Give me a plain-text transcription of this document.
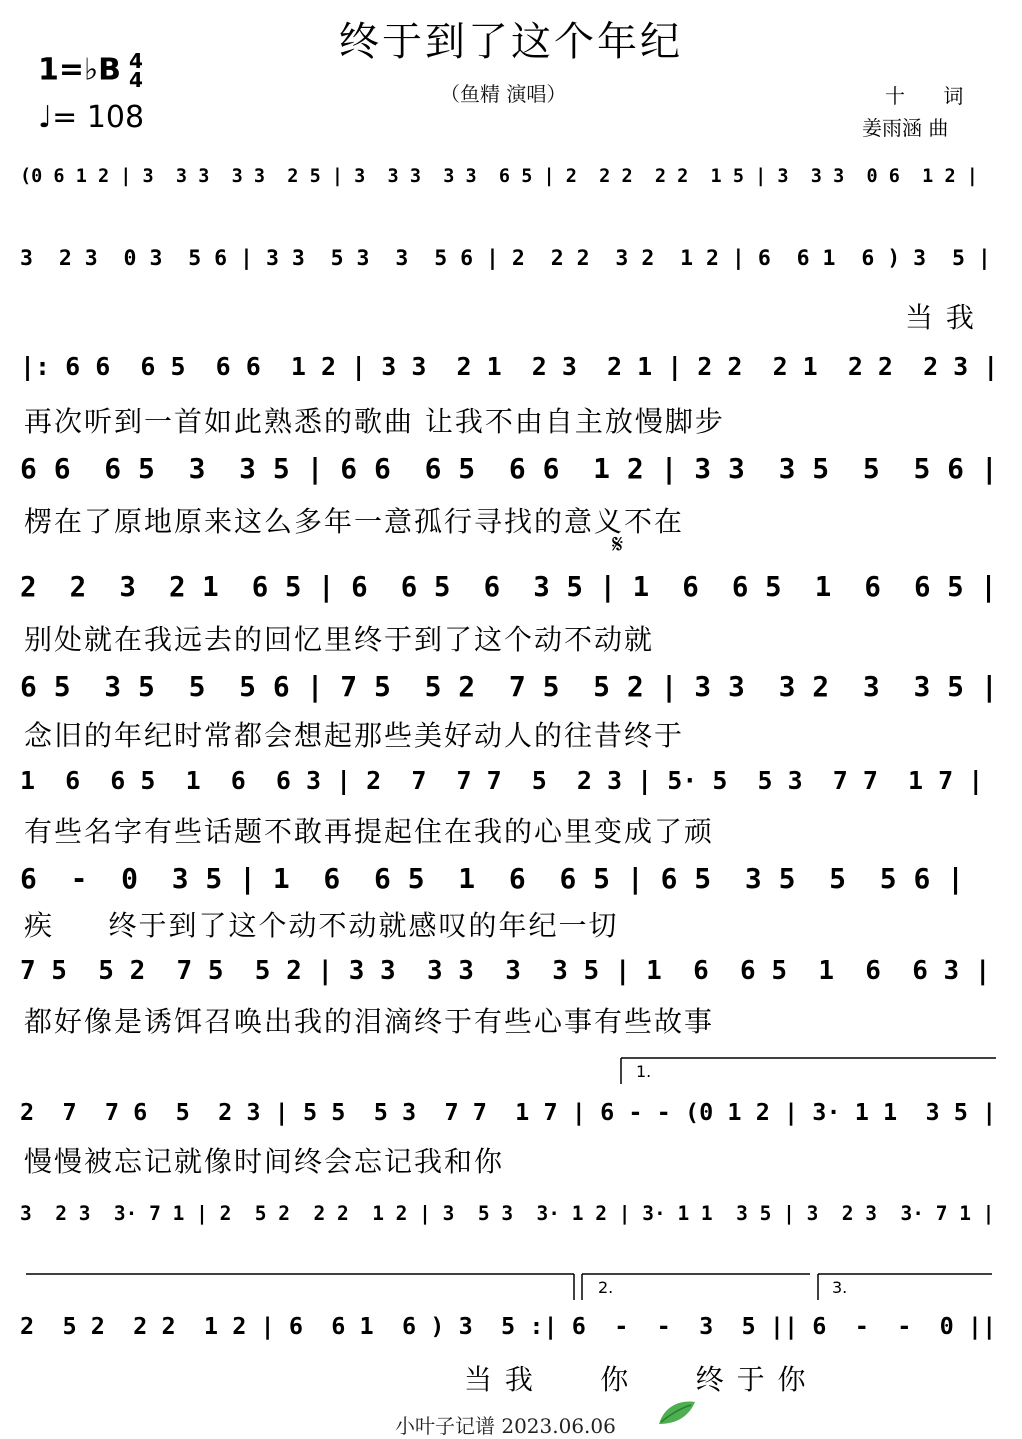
终于到了这个年纪
1=♭B 4
4
♩= 108
（鱼精 演唱）	十 词
姜雨涵 曲
(0 6 1 2 | 3  3 3  3 3  2 5 | 3  3 3  3 3  6 5 | 2  2 2  2 2  1 5 | 3  3 3  0 6  1 2 |
3  2 3  0 3  5 6 | 3 3  5 3  3  5 6 | 2  2 2  3 2  1 2 | 6  6 1  6 ) 3  5 |
当 我
|: 6 6  6 5  6 6  1 2 | 3 3  2 1  2 3  2 1 | 2 2  2 1  2 2  2 3 |
再次听到一首如此熟悉的歌曲 让我不由自主放慢脚步
6 6  6 5  3  3 5 | 6 6  6 5  6 6  1 2 | 3 3  3 5  5  5 6 |
楞在了原地原来这么多年一意孤行寻找的意义不在
𝄋
2  2  3  2 1  6 5 | 6  6 5  6  3 5 | 1  6  6 5  1  6  6 5 |
别处就在我远去的回忆里终于到了这个动不动就
6 5  3 5  5  5 6 | 7 5  5 2  7 5  5 2 | 3 3  3 2  3  3 5 |
念旧的年纪时常都会想起那些美好动人的往昔终于
1  6  6 5  1  6  6 3 | 2  7  7 7  5  2 3 | 5· 5  5 3  7 7  1 7 |
有些名字有些话题不敢再提起住在我的心里变成了顽
6  -  0  3 5 | 1  6  6 5  1  6  6 5 | 6 5  3 5  5  5 6 |
疾     终于到了这个动不动就感叹的年纪一切
7 5  5 2  7 5  5 2 | 3 3  3 3  3  3 5 | 1  6  6 5  1  6  6 3 |
都好像是诱饵召唤出我的泪滴终于有些心事有些故事
1.
2  7  7 6  5  2 3 | 5 5  5 3  7 7  1 7 | 6 - - (0 1 2 | 3· 1 1  3 5 |
慢慢被忘记就像时间终会忘记我和你
3  2 3  3· 7 1 | 2  5 2  2 2  1 2 | 3  5 3  3· 1 2 | 3· 1 1  3 5 | 3  2 3  3· 7 1 |
2.	3.
2  5 2  2 2  1 2 | 6  6 1  6 ) 3  5 :| 6  -  -  3  5 || 6  -  -  0 ||
当 我      你      终 于 你
小叶子记谱 2023.06.06
